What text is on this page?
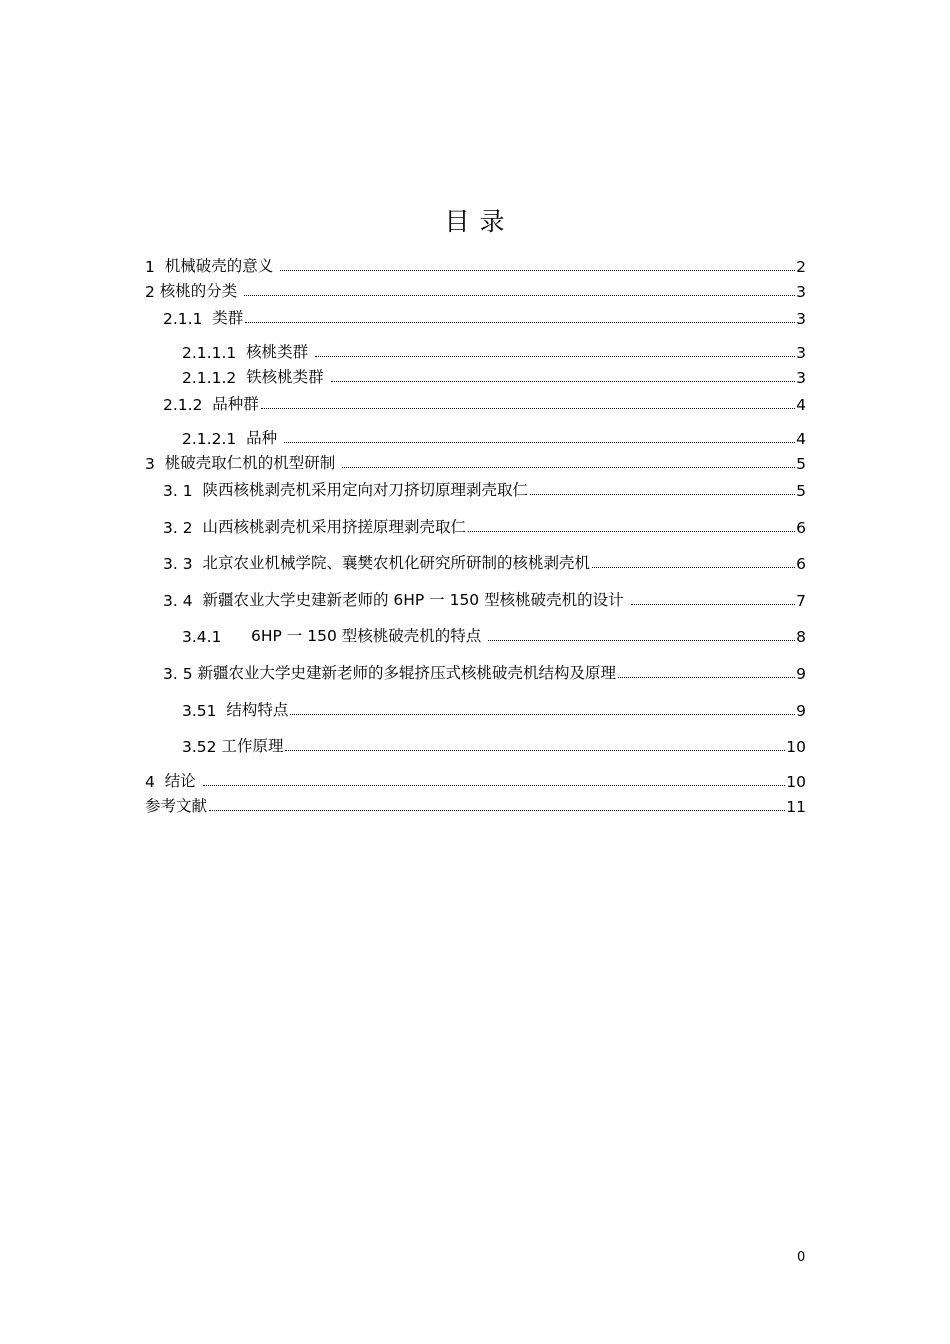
目 录
1 机械破壳的意义	2
2 核桃的分类	3
2.1.1 类群	3
2.1.1.1 核桃类群	3
2.1.1.2 铁核桃类群	3
2.1.2 品种群	4
2.1.2.1 品种	4
3 桃破壳取仁机的机型研制	5
3. 1 陕西核桃剥壳机采用定向对刀挤切原理剥壳取仁	5
3. 2 山西核桃剥壳机采用挤搓原理剥壳取仁	6
3. 3 北京农业机械学院、襄樊农机化研究所研制的核桃剥壳机	6
3. 4 新疆农业大学史建新老师的 6HP 一 150 型核桃破壳机的设计	7
3.4.1 6HP 一 150 型核桃破壳机的特点	8
3. 5 新疆农业大学史建新老师的多辊挤压式核桃破壳机结构及原理	9
3.51 结构特点	9
3.52 工作原理	10
4 结论	10
参考文献	11
0
